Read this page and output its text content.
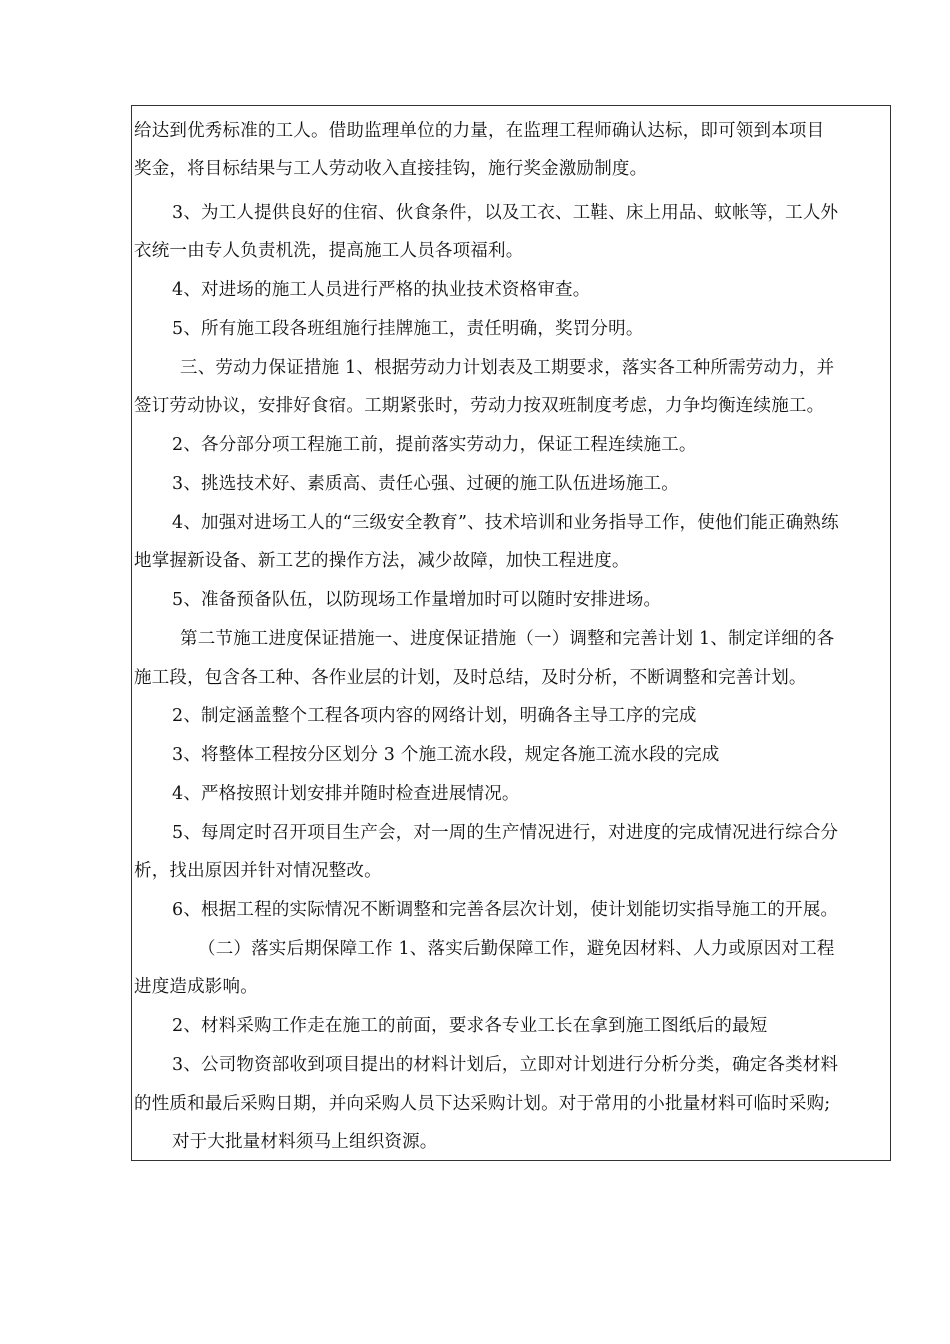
给达到优秀标准的工人。借助监理单位的力量，在监理工程师确认达标，即可领到本项目
奖金，将目标结果与工人劳动收入直接挂钩，施行奖金激励制度。
3、为工人提供良好的住宿、伙食条件，以及工衣、工鞋、床上用品、蚊帐等，工人外
衣统一由专人负责机洗，提高施工人员各项福利。
4、对进场的施工人员进行严格的执业技术资格审查。
5、所有施工段各班组施行挂牌施工，责任明确，奖罚分明。
三、劳动力保证措施 1、根据劳动力计划表及工期要求，落实各工种所需劳动力，并
签订劳动协议，安排好食宿。工期紧张时，劳动力按双班制度考虑，力争均衡连续施工。
2、各分部分项工程施工前，提前落实劳动力，保证工程连续施工。
3、挑选技术好、素质高、责任心强、过硬的施工队伍进场施工。
4、加强对进场工人的“三级安全教育”、技术培训和业务指导工作，使他们能正确熟练
地掌握新设备、新工艺的操作方法，减少故障，加快工程进度。
5、准备预备队伍，以防现场工作量增加时可以随时安排进场。
第二节施工进度保证措施一、进度保证措施（一）调整和完善计划 1、制定详细的各
施工段，包含各工种、各作业层的计划，及时总结，及时分析，不断调整和完善计划。
2、制定涵盖整个工程各项内容的网络计划，明确各主导工序的完成
3、将整体工程按分区划分 3 个施工流水段，规定各施工流水段的完成
4、严格按照计划安排并随时检查进展情况。
5、每周定时召开项目生产会，对一周的生产情况进行，对进度的完成情况进行综合分
析，找出原因并针对情况整改。
6、根据工程的实际情况不断调整和完善各层次计划，使计划能切实指导施工的开展。
（二）落实后期保障工作 1、落实后勤保障工作，避免因材料、人力或原因对工程
进度造成影响。
2、材料采购工作走在施工的前面，要求各专业工长在拿到施工图纸后的最短
3、公司物资部收到项目提出的材料计划后，立即对计划进行分析分类，确定各类材料
的性质和最后采购日期，并向采购人员下达采购计划。对于常用的小批量材料可临时采购;
对于大批量材料须马上组织资源。
